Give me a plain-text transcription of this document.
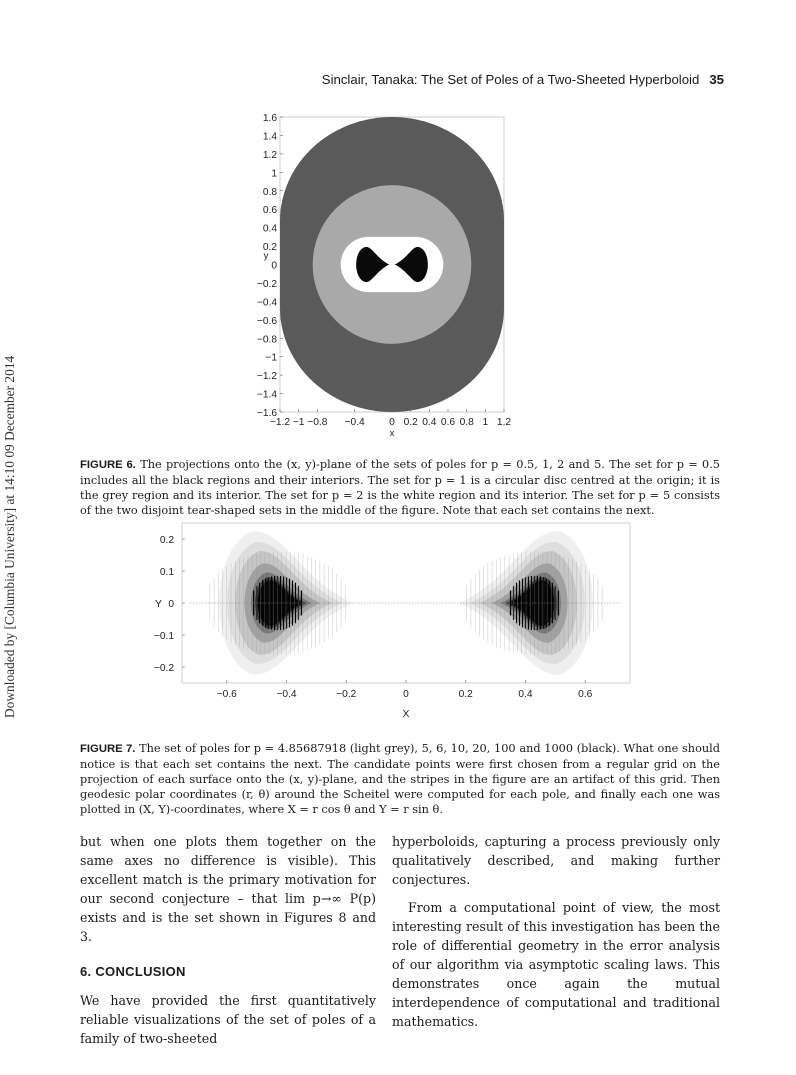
Sinclair, Tanaka: The Set of Poles of a Two-Sheeted Hyperboloid 35
Downloaded by [Columbia University] at 14:10 09 December 2014
1.6
1.4
1.2
1
0.8
0.6
0.4
0.2
0
−0.2
−0.4
−0.6
−0.8
−1
−1.2
−1.4
−1.6
−1.2 −1 −0.8 −0.4 0 0.2 0.4 0.6 0.8 1 1.2
x
y
FIGURE 6. The projections onto the (x, y)-plane of the sets of poles for p = 0.5, 1, 2 and 5. The set for p = 0.5 includes all the black regions and their interiors. The set for p = 1 is a circular disc centred at the origin; it is the grey region and its interior. The set for p = 2 is the white region and its interior. The set for p = 5 consists of the two disjoint tear-shaped sets in the middle of the figure. Note that each set contains the next.
0.2
0.1
0
−0.1
−0.2
−0.6	−0.4	−0.2	0	0.2	0.4	0.6
X
Y
FIGURE 7. The set of poles for p = 4.85687918 (light grey), 5, 6, 10, 20, 100 and 1000 (black). What one should notice is that each set contains the next. The candidate points were first chosen from a regular grid on the projection of each surface onto the (x, y)-plane, and the stripes in the figure are an artifact of this grid. Then geodesic polar coordinates (r, θ) around the Scheitel were computed for each pole, and finally each one was plotted in (X, Y)-coordinates, where X = r cos θ and Y = r sin θ.

but when one plots them together on the same axes no difference is visible). This excellent match is the primary motivation for our second conjecture – that lim p→∞ P(p) exists and is the set shown in Figures 8 and 3.

6. CONCLUSION

We have provided the first quantitatively reliable visualizations of the set of poles of a family of two-sheeted

hyperboloids, capturing a process previously only qualitatively described, and making further conjectures.

From a computational point of view, the most interesting result of this investigation has been the role of differential geometry in the error analysis of our algorithm via asymptotic scaling laws. This demonstrates once again the mutual interdependence of computational and traditional mathematics.
